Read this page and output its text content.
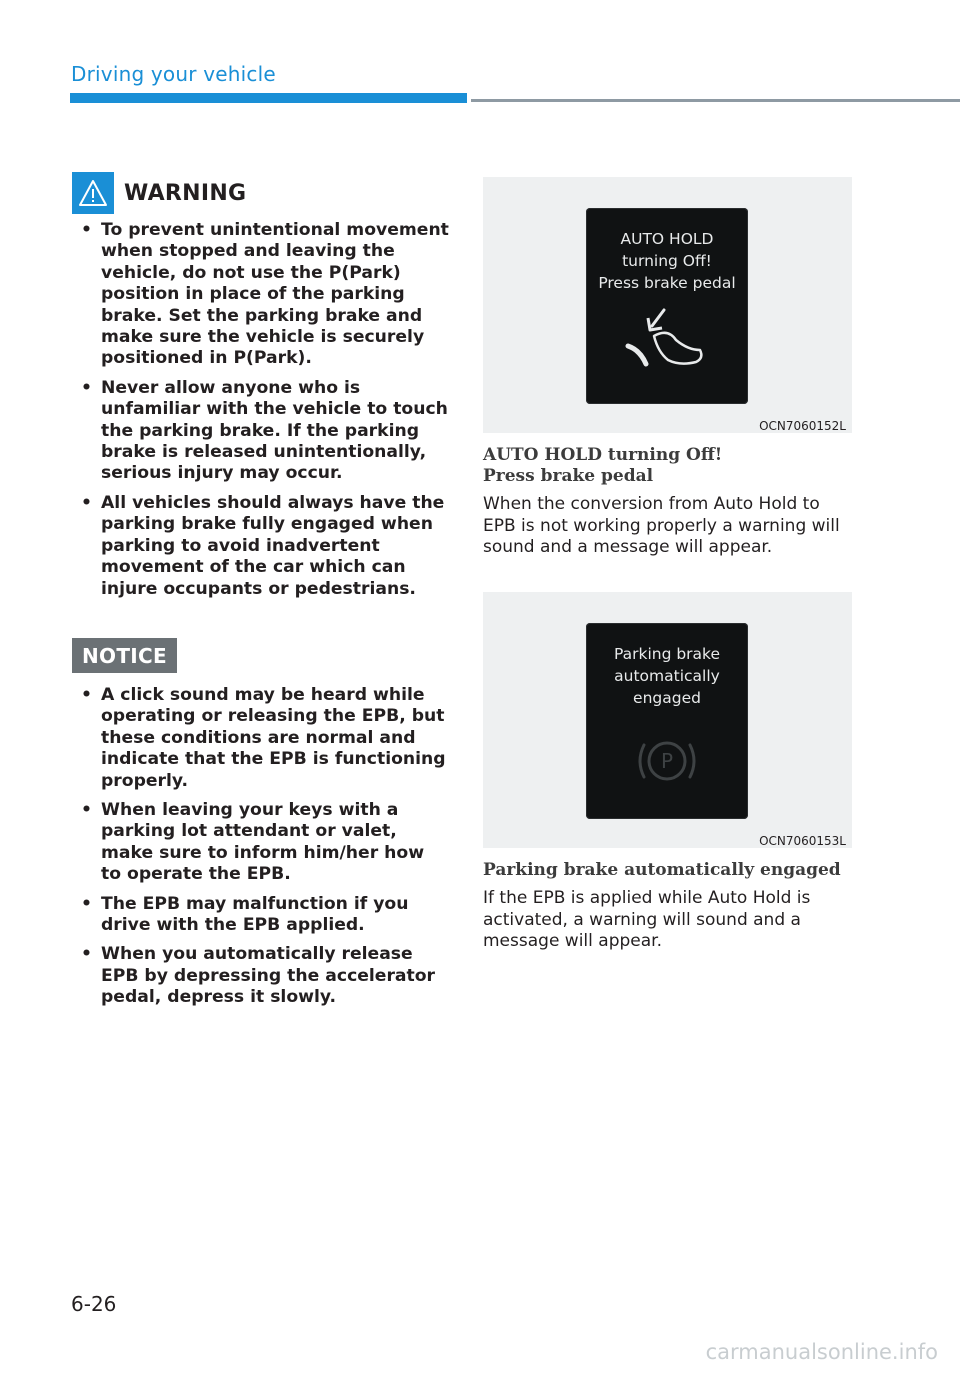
Driving your vehicle
WARNING
• To prevent unintentional movement when stopped and leaving the vehicle, do not use the P(Park) position in place of the parking brake. Set the parking brake and make sure the vehicle is securely positioned in P(Park).
• Never allow anyone who is unfamiliar with the vehicle to touch the parking brake. If the parking brake is released unintentionally, serious injury may occur.
• All vehicles should always have the parking brake fully engaged when parking to avoid inadvertent movement of the car which can injure occupants or pedestrians.
NOTICE
• A click sound may be heard while operating or releasing the EPB, but these conditions are normal and indicate that the EPB is functioning properly.
• When leaving your keys with a parking lot attendant or valet, make sure to inform him/her how to operate the EPB.
• The EPB may malfunction if you drive with the EPB applied.
• When you automatically release EPB by depressing the accelerator pedal, depress it slowly.
AUTO HOLD
turning Off!
Press brake pedal
OCN7060152L
AUTO HOLD turning Off!
Press brake pedal
When the conversion from Auto Hold to EPB is not working properly a warning will sound and a message will appear.
Parking brake
automatically
engaged
P
OCN7060153L
Parking brake automatically engaged
If the EPB is applied while Auto Hold is activated, a warning will sound and a message will appear.
6-26
carmanualsonline.info
